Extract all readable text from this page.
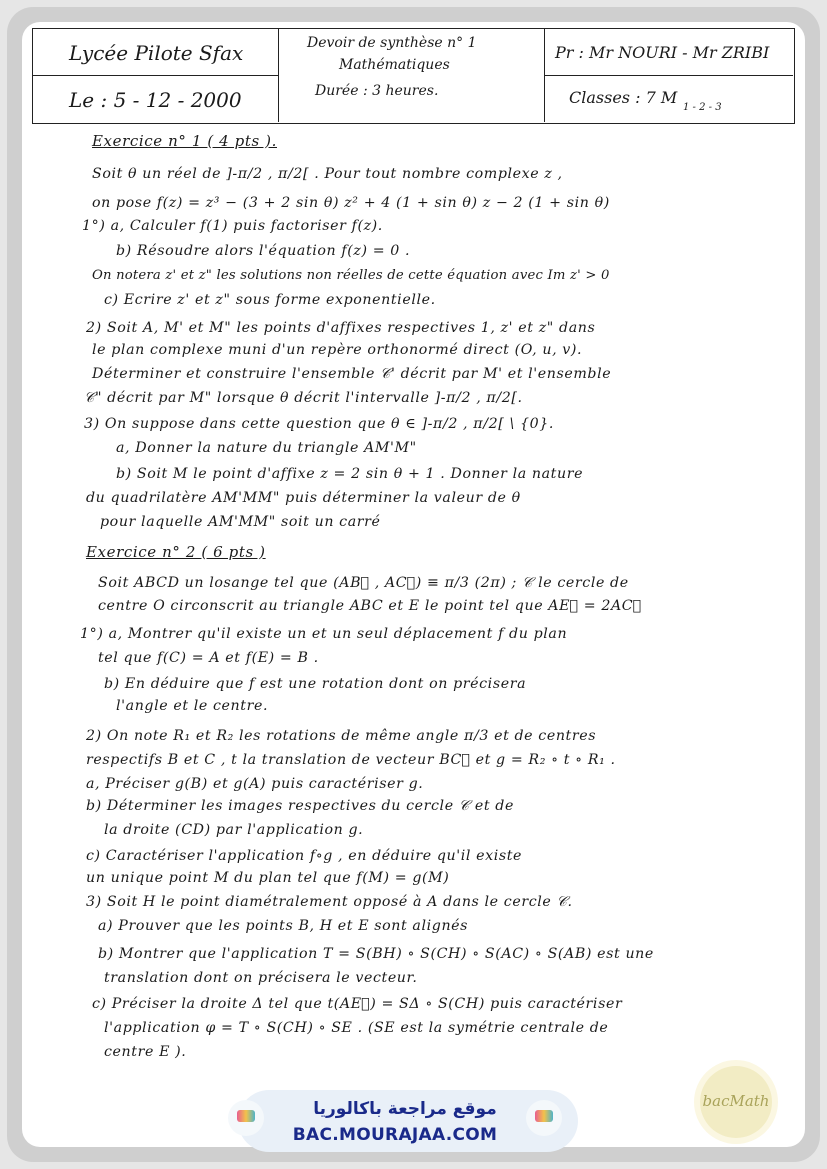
Lycée Pilote Sfax
Le : 5 - 12 - 2000
Devoir de synthèse n° 1
Mathématiques
Durée : 3 heures.
Pr : Mr NOURI - Mr ZRIBI
Classes : 7 M
1 - 2 - 3
Exercice n° 1 ( 4 pts ).
Soit θ un réel de ]-π/2 , π/2[ . Pour tout nombre complexe z ,
on pose f(z) = z³ − (3 + 2 sin θ) z² + 4 (1 + sin θ) z − 2 (1 + sin θ)
1°) a, Calculer f(1) puis factoriser f(z).
b) Résoudre alors l'équation f(z) = 0 .
On notera z' et z" les solutions non réelles de cette équation avec Im z' > 0
c) Ecrire z' et z" sous forme exponentielle.
2) Soit A, M' et M" les points d'affixes respectives 1, z' et z" dans
le plan complexe muni d'un repère orthonormé direct (O, u, v).
Déterminer et construire l'ensemble 𝒞' décrit par M' et l'ensemble
𝒞" décrit par M" lorsque θ décrit l'intervalle ]-π/2 , π/2[.
3) On suppose dans cette question que θ ∈ ]-π/2 , π/2[ \ {0}.
a, Donner la nature du triangle AM'M"
b) Soit M le point d'affixe z = 2 sin θ + 1 . Donner la nature
du quadrilatère AM'MM" puis déterminer la valeur de θ
pour laquelle AM'MM" soit un carré
Exercice n° 2 ( 6 pts )
Soit ABCD un losange tel que (AB⃗ , AC⃗) ≡ π/3 (2π) ; 𝒞 le cercle de
centre O circonscrit au triangle ABC et E le point tel que AE⃗ = 2AC⃗
1°) a, Montrer qu'il existe un et un seul déplacement f du plan
tel que f(C) = A et f(E) = B .
b) En déduire que f est une rotation dont on précisera
l'angle et le centre.
2) On note R₁ et R₂ les rotations de même angle π/3 et de centres
respectifs B et C , t la translation de vecteur BC⃗ et g = R₂ ∘ t ∘ R₁ .
a, Préciser g(B) et g(A) puis caractériser g.
b) Déterminer les images respectives du cercle 𝒞 et de
la droite (CD) par l'application g.
c) Caractériser l'application f∘g , en déduire qu'il existe
un unique point M du plan tel que f(M) = g(M)
3) Soit H le point diamétralement opposé à A dans le cercle 𝒞.
a) Prouver que les points B, H et E sont alignés
b) Montrer que l'application T = S(BH) ∘ S(CH) ∘ S(AC) ∘ S(AB) est une
translation dont on précisera le vecteur.
c) Préciser la droite Δ tel que t(AE⃗) = SΔ ∘ S(CH) puis caractériser
l'application φ = T ∘ S(CH) ∘ SE . (SE est la symétrie centrale de
centre E ).
موقع مراجعة باكالوريا
BAC.MOURAJAA.COM
bacMath
